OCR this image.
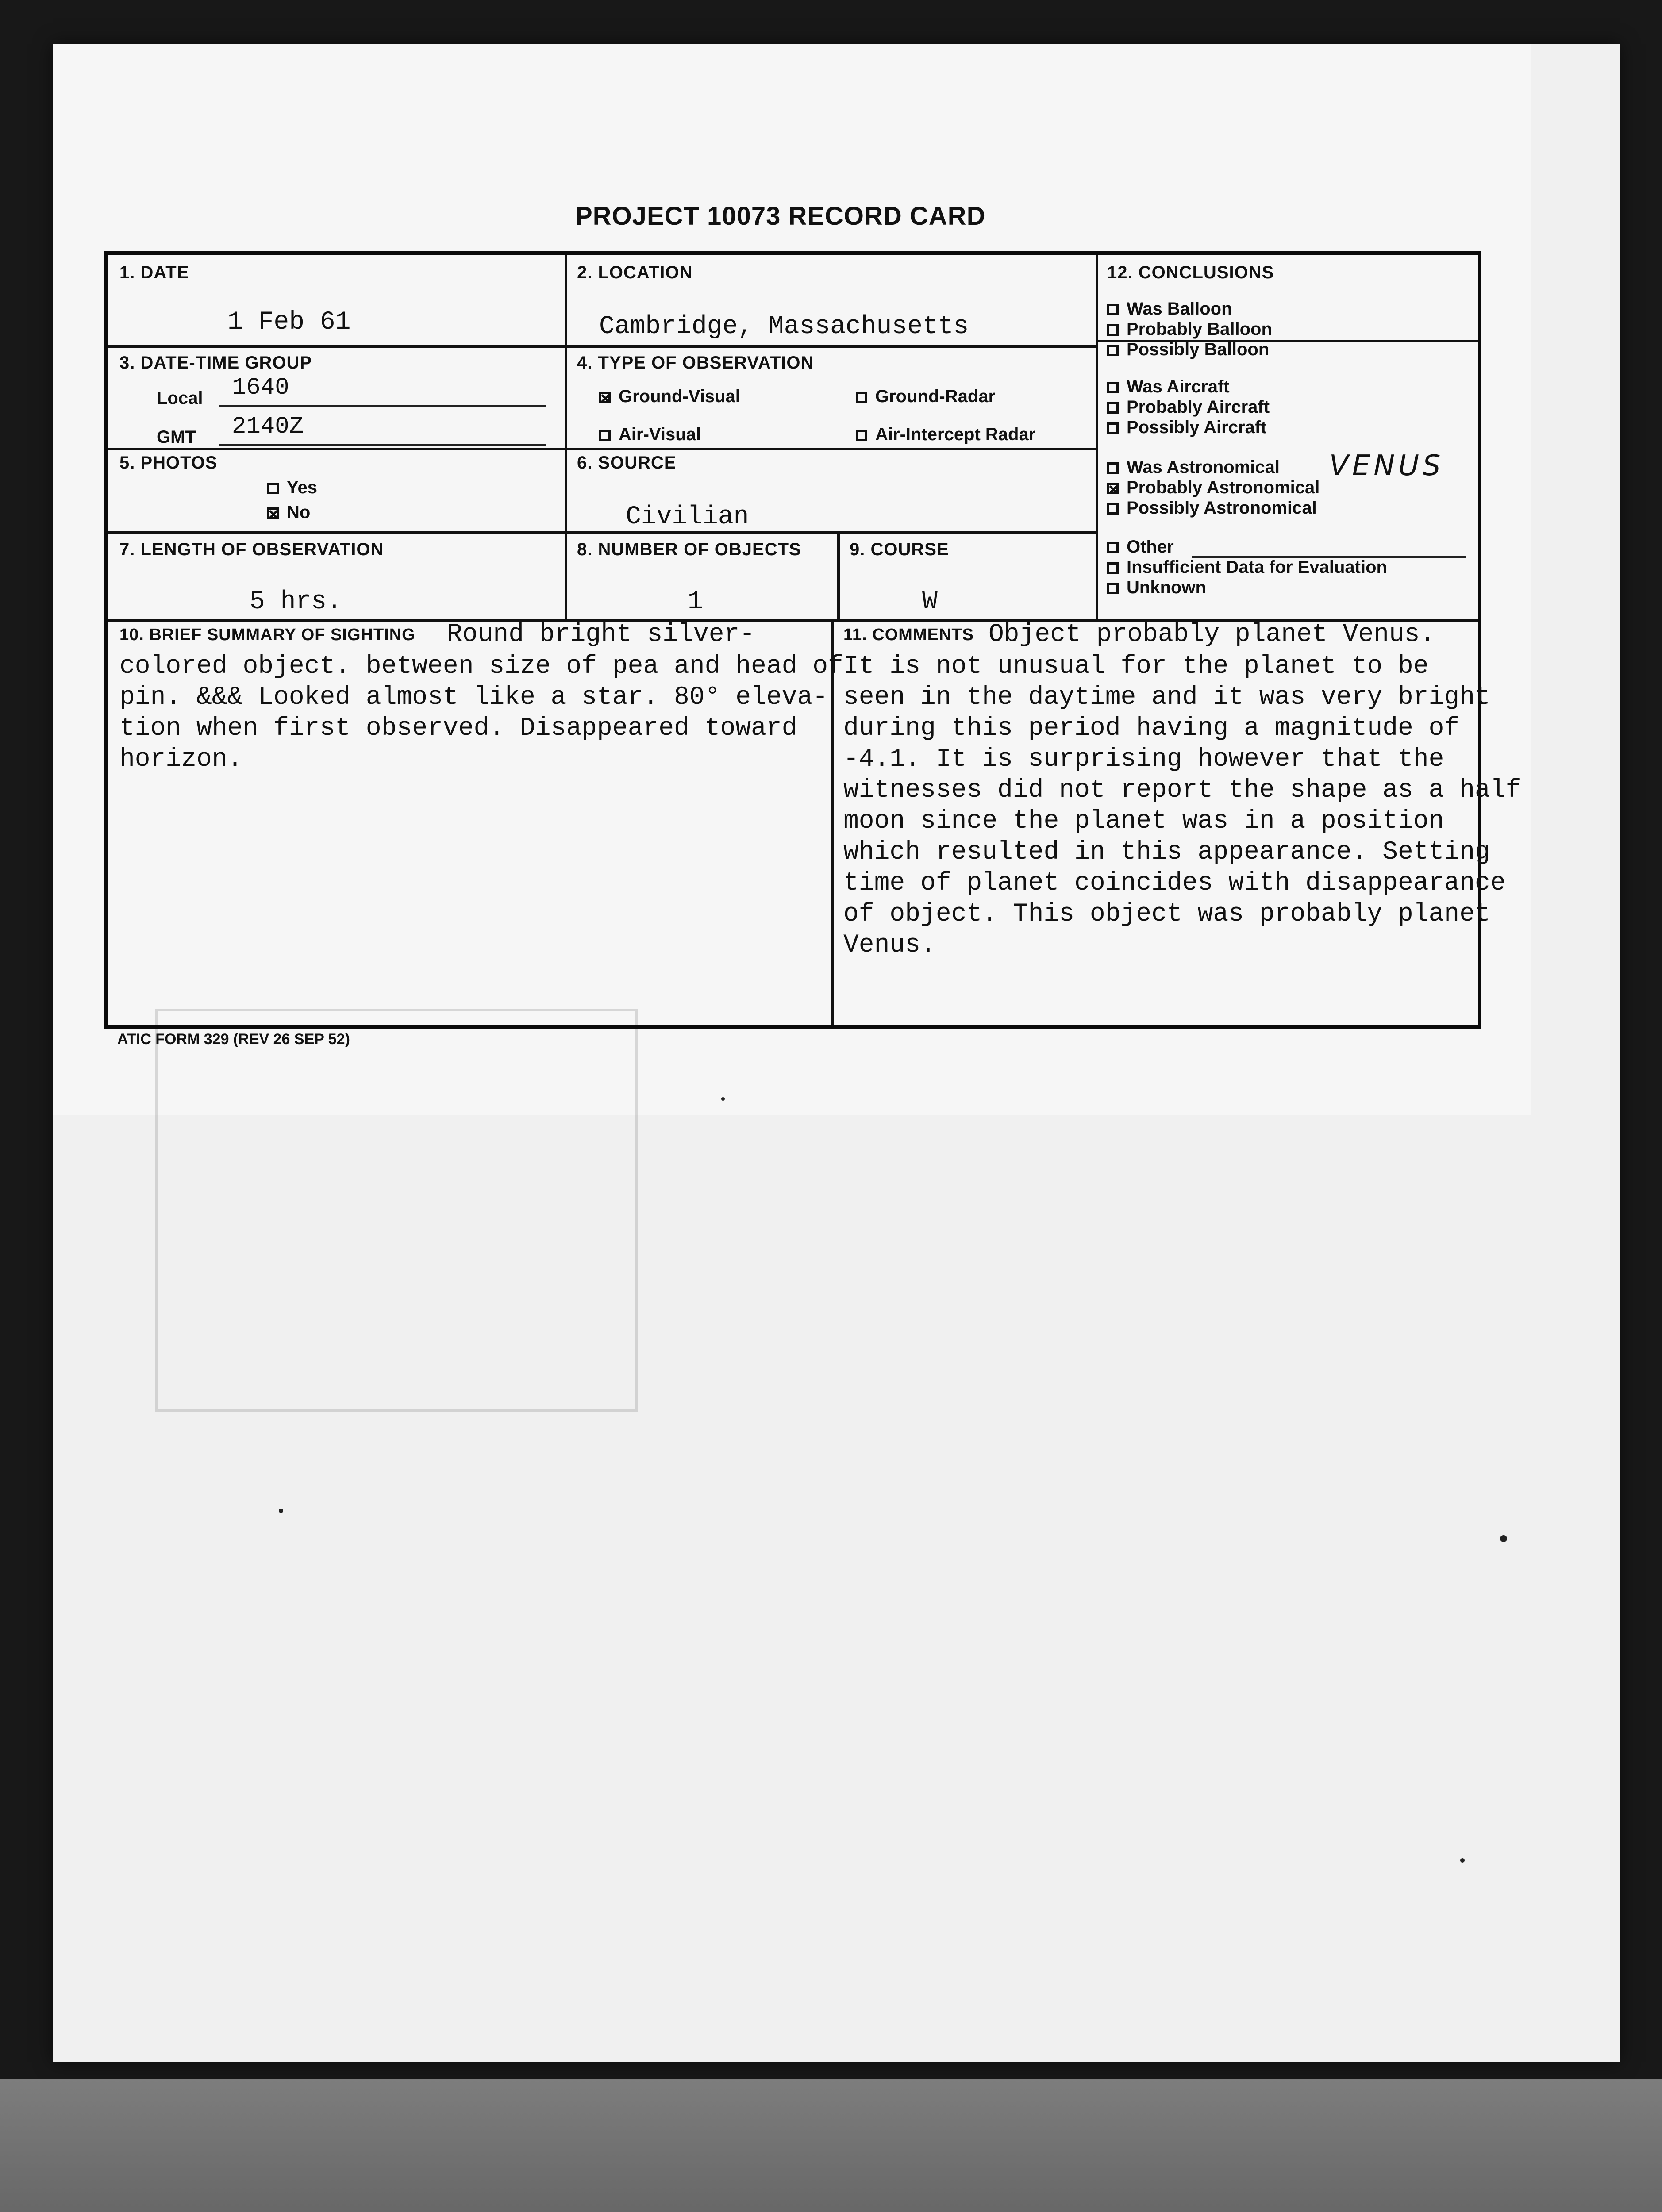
PROJECT 10073 RECORD CARD
1. DATE
1 Feb 61
2. LOCATION
Cambridge, Massachusetts
3. DATE-TIME GROUP
Local 1640
GMT 2140Z
4. TYPE OF OBSERVATION
Ground-Visual	Ground-Radar
Air-Visual	Air-Intercept Radar
5. PHOTOS
Yes
No
6. SOURCE
Civilian
7. LENGTH OF OBSERVATION
5 hrs.
8. NUMBER OF OBJECTS
1
9. COURSE
W
10. BRIEF SUMMARY OF SIGHTING Round bright silver-
colored object. between size of pea and head of
pin. &&& Looked almost like a star. 80° eleva-
tion when first observed. Disappeared toward
horizon.
11. COMMENTS Object probably planet Venus.
It is not unusual for the planet to be
seen in the daytime and it was very bright
during this period having a magnitude of
-4.1. It is surprising however that the
witnesses did not report the shape as a half
moon since the planet was in a position
which resulted in this appearance. Setting
time of planet coincides with disappearance
of object. This object was probably planet
Venus.
12. CONCLUSIONS
Was Balloon
Probably Balloon
Possibly Balloon
Was Aircraft
Probably Aircraft
Possibly Aircraft
Was Astronomical VENUS
Probably Astronomical
Possibly Astronomical
Other
Insufficient Data for Evaluation
Unknown
ATIC FORM 329 (REV 26 SEP 52)
